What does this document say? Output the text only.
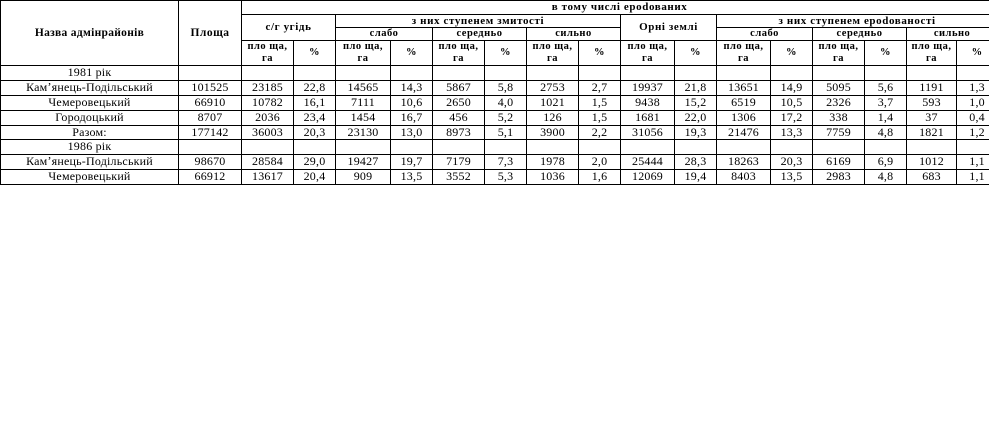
Назва адмінрайонів	Площа	в тому числі ерodованих															
		с/г угідь		з них ступенем змитості						Орні землі		з них ступенем ерodованості					
				слабо		середньо		сильно				слабо		середньо		сильно	
		пло ща, га	%	пло ща, га	%	пло ща, га	%	пло ща, га	%	пло ща, га	%	пло ща, га	%	пло ща, га	%	пло ща, га	%
1981 рік																	
Камʼянець-Подільський	101525	23185	22,8	14565	14,3	5867	5,8	2753	2,7	19937	21,8	13651	14,9	5095	5,6	1191	1,3
Чемеровецький	66910	10782	16,1	7111	10,6	2650	4,0	1021	1,5	9438	15,2	6519	10,5	2326	3,7	593	1,0
Городоцький	8707	2036	23,4	1454	16,7	456	5,2	126	1,5	1681	22,0	1306	17,2	338	1,4	37	0,4
Разом:	177142	36003	20,3	23130	13,0	8973	5,1	3900	2,2	31056	19,3	21476	13,3	7759	4,8	1821	1,2
1986 рік																	
Камʼянець-Подільський	98670	28584	29,0	19427	19,7	7179	7,3	1978	2,0	25444	28,3	18263	20,3	6169	6,9	1012	1,1
Чемеровецький	66912	13617	20,4	909	13,5	3552	5,3	1036	1,6	12069	19,4	8403	13,5	2983	4,8	683	1,1
